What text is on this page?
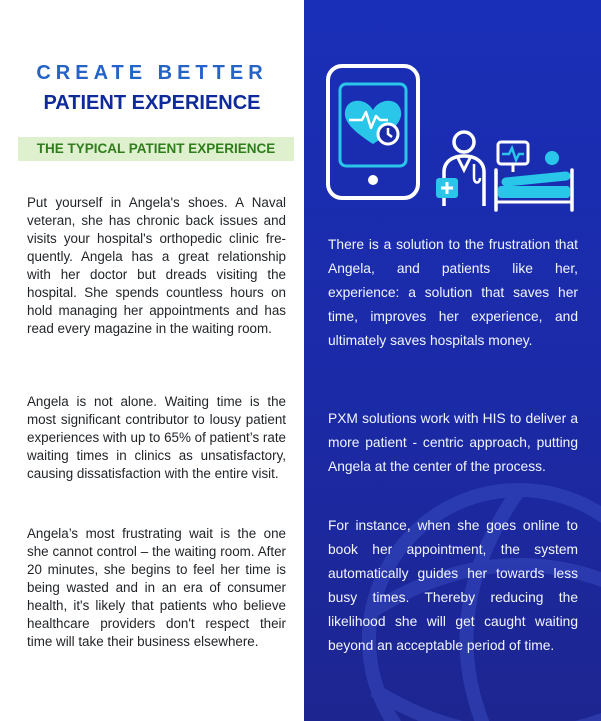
CREATE BETTER
PATIENT EXPERIENCE
THE TYPICAL PATIENT EXPERIENCE

Put yourself in Angela's shoes. A Naval veteran, she has chronic back issues and visits your hospital's orthopedic clinic frequently. Angela has a great relationship with her doctor but dreads visiting the hospital. She spends countless hours on hold managing her appointments and has read every magazine in the waiting room.

Angela is not alone. Waiting time is the most significant contributor to lousy patient experiences with up to 65% of patient’s rate waiting times in clinics as unsatisfactory, causing dissatisfaction with the entire visit.

Angela’s most frustrating wait is the one she cannot control – the waiting room. After 20 minutes, she begins to feel her time is being wasted and in an era of consumer health, it's likely that patients who believe healthcare providers don't respect their time will take their business elsewhere.

There is a solution to the frustration that Angela, and patients like her, experience: a solution that saves her time, improves her experience, and ultimately saves hospitals money.

PXM solutions work with HIS to deliver a more patient - centric approach, putting Angela at the center of the process.

For instance, when she goes online to book her appointment, the system automatically guides her towards less busy times. Thereby reducing the likelihood she will get caught waiting beyond an acceptable period of time.
